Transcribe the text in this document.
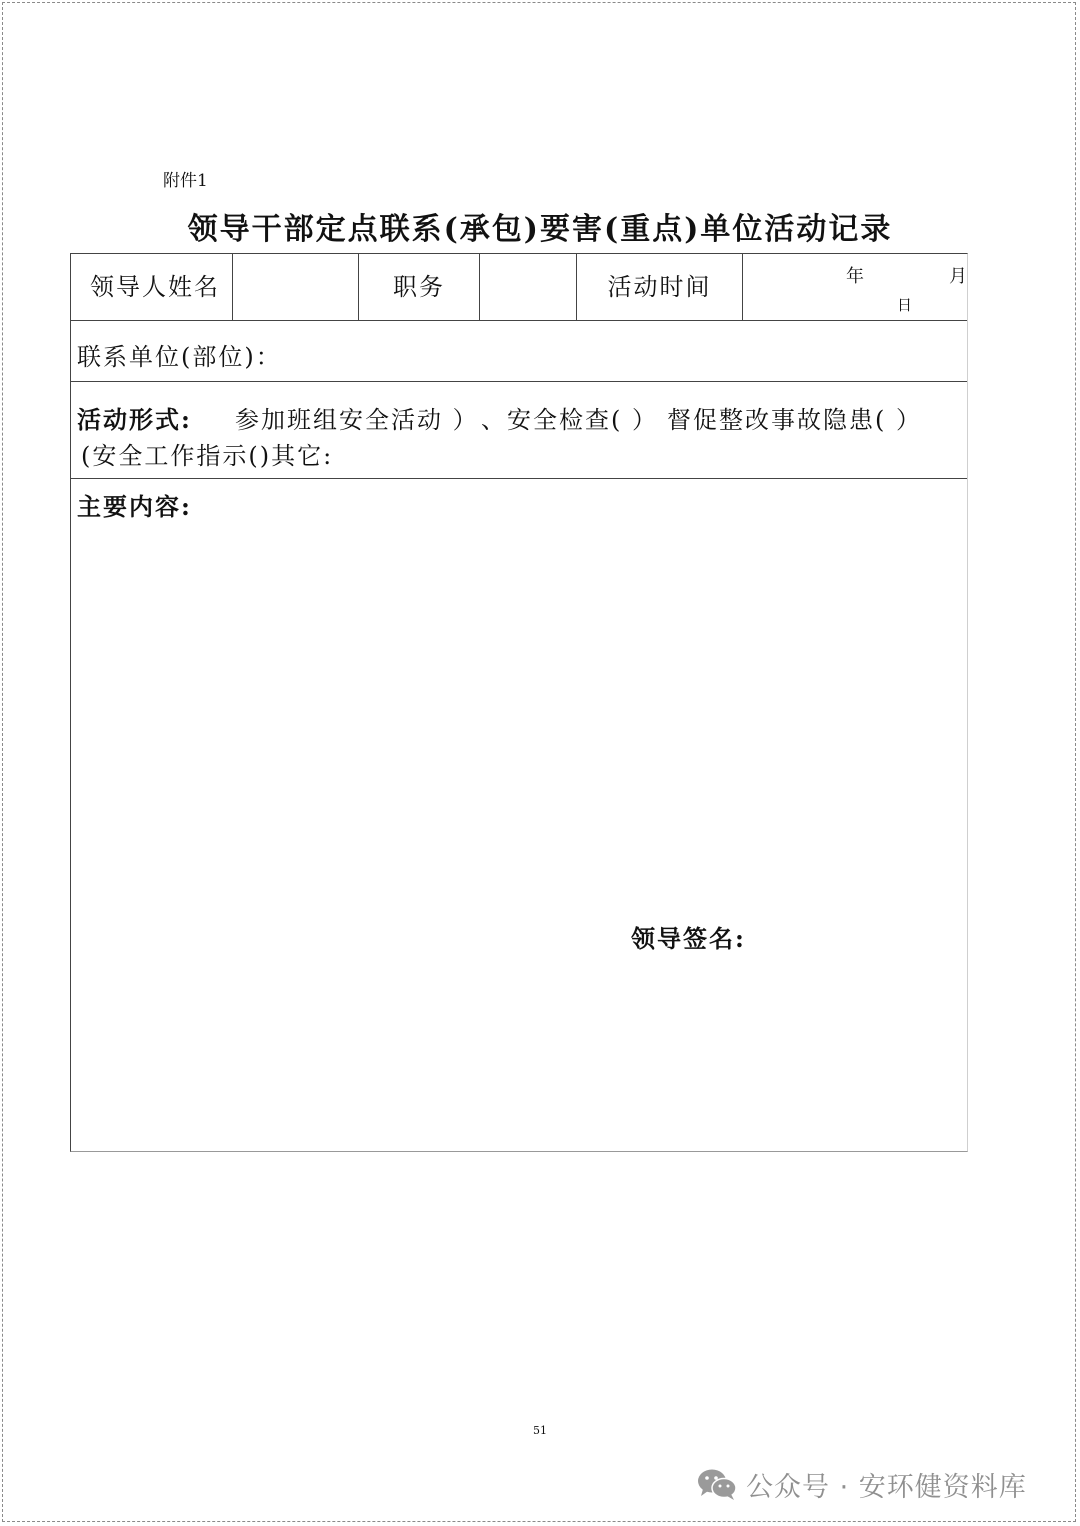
附件1
领导干部定点联系(承包)要害(重点)单位活动记录
领导人姓名	职务	活动时间	年	月
日
联系单位(部位)：
活动形式: 参加班组安全活动 ） 、安全检查( ） 督促整改事故隐患( ）
(安全工作指示()其它:
主要内容:
领导签名:
51
公众号 · 安环健资料库
